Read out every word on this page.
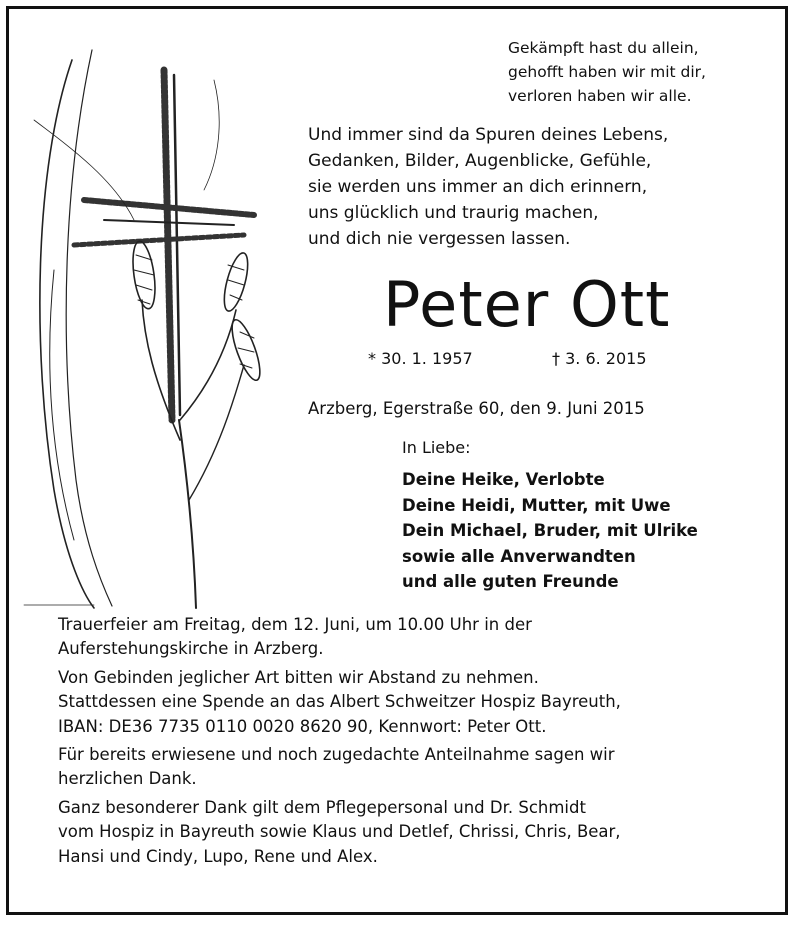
Gekämpft hast du allein,
gehofft haben wir mit dir,
verloren haben wir alle.
Und immer sind da Spuren deines Lebens,
Gedanken, Bilder, Augenblicke, Gefühle,
sie werden uns immer an dich erinnern,
uns glücklich und traurig machen,
und dich nie vergessen lassen.
Peter Ott
* 30. 1. 1957	† 3. 6. 2015
Arzberg, Egerstraße 60, den 9. Juni 2015
In Liebe:
Deine Heike, Verlobte
Deine Heidi, Mutter, mit Uwe
Dein Michael, Bruder, mit Ulrike
sowie alle Anverwandten
und alle guten Freunde

Trauerfeier am Freitag, dem 12. Juni, um 10.00 Uhr in der
Auferstehungskirche in Arzberg.

Von Gebinden jeglicher Art bitten wir Abstand zu nehmen.
Stattdessen eine Spende an das Albert Schweitzer Hospiz Bayreuth,
IBAN: DE36 7735 0110 0020 8620 90, Kennwort: Peter Ott.

Für bereits erwiesene und noch zugedachte Anteilnahme sagen wir
herzlichen Dank.

Ganz besonderer Dank gilt dem Pflegepersonal und Dr. Schmidt
vom Hospiz in Bayreuth sowie Klaus und Detlef, Chrissi, Chris, Bear,
Hansi und Cindy, Lupo, Rene und Alex.
